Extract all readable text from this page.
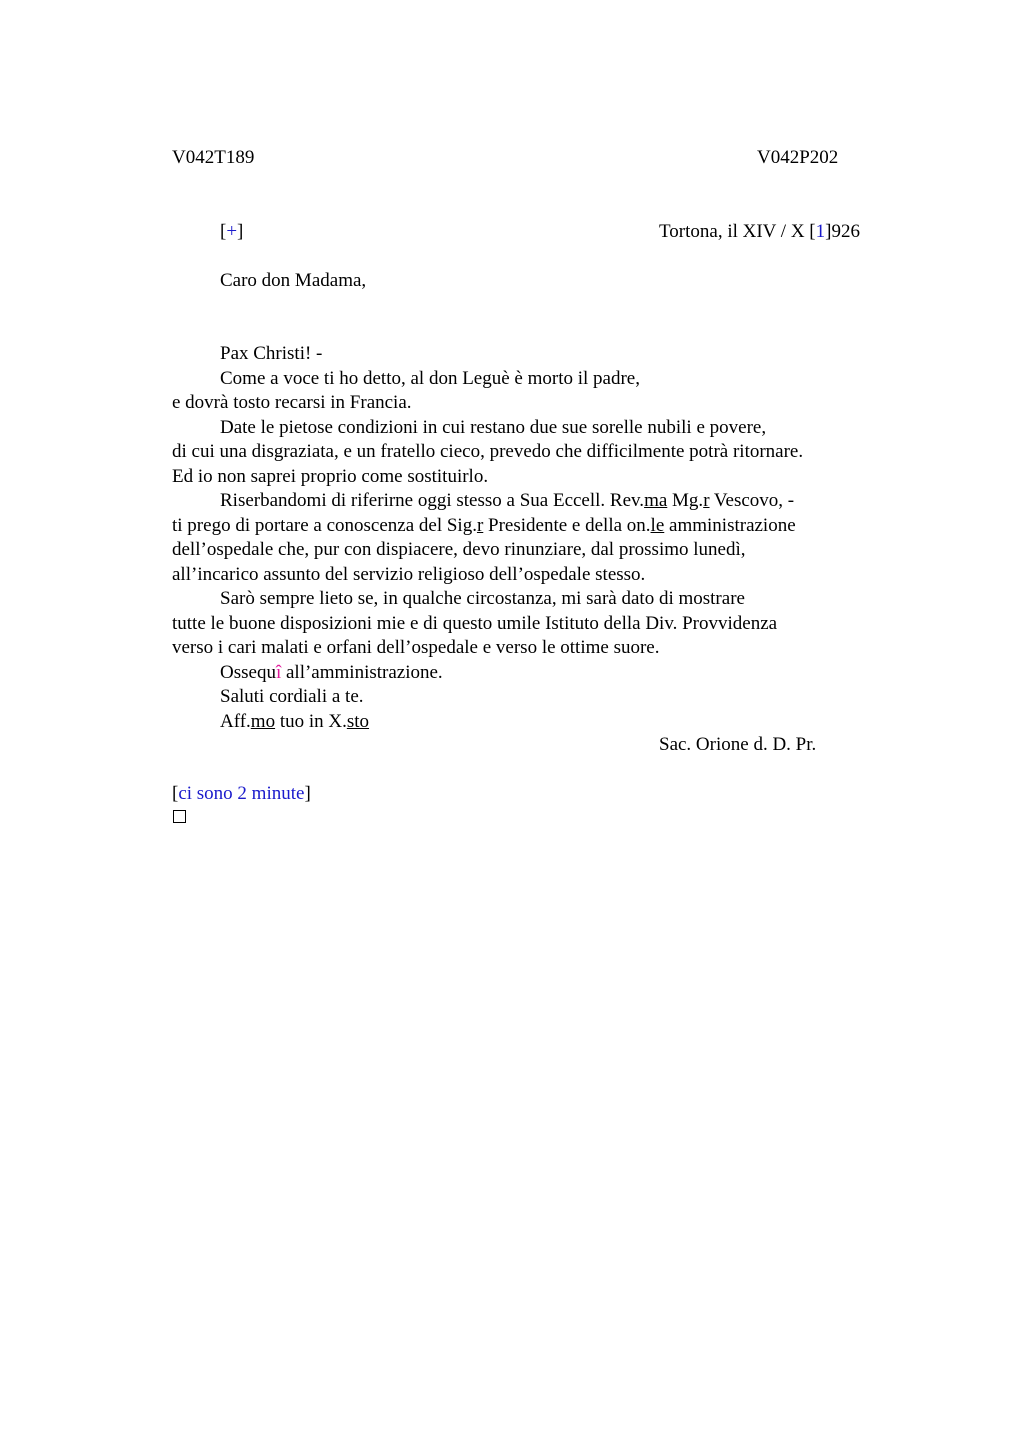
V042T189	V042P202
[+]	Tortona, il XIV / X [1]926
Caro don Madama,
Pax Christi! -
Come a voce ti ho detto, al don Leguè è morto il padre,
e dovrà tosto recarsi in Francia.
Date le pietose condizioni in cui restano due sue sorelle nubili e povere,
di cui una disgraziata, e un fratello cieco, prevedo che difficilmente potrà ritornare.
Ed io non saprei proprio come sostituirlo.
Riserbandomi di riferirne oggi stesso a Sua Eccell. Rev.ma Mg.r Vescovo, -
ti prego di portare a conoscenza del Sig.r Presidente e della on.le amministrazione
dell’ospedale che, pur con dispiacere, devo rinunziare, dal prossimo lunedì,
all’incarico assunto del servizio religioso dell’ospedale stesso.
Sarò sempre lieto se, in qualche circostanza, mi sarà dato di mostrare
tutte le buone disposizioni mie e di questo umile Istituto della Div. Provvidenza
verso i cari malati e orfani dell’ospedale e verso le ottime suore.
Ossequî all’amministrazione.
Saluti cordiali a te.
Aff.mo tuo in X.sto
Sac. Orione d. D. Pr.
[ci sono 2 minute]
